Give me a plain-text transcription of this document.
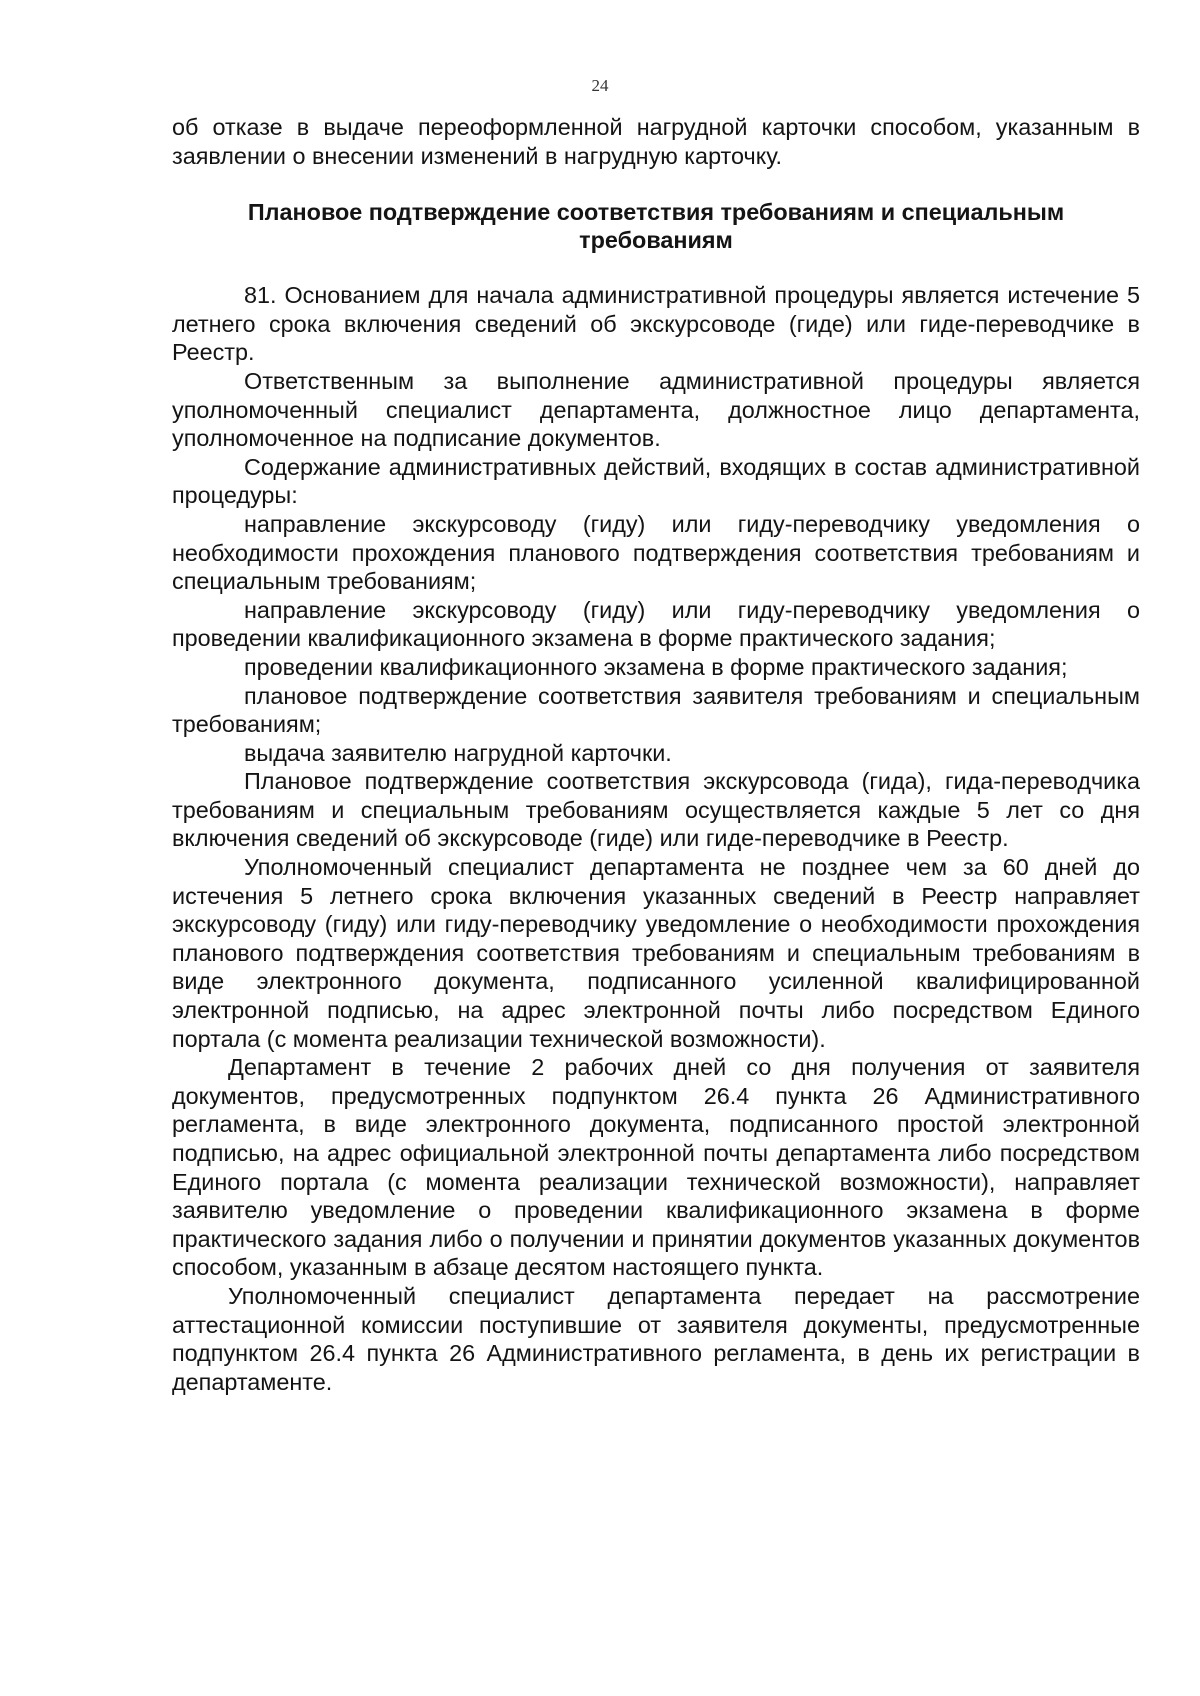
24

об отказе в выдаче переоформленной нагрудной карточки способом, указанным в заявлении о внесении изменений в нагрудную карточку.

Плановое подтверждение соответствия требованиям и специальным требованиям

81. Основанием для начала административной процедуры является истечение 5 летнего срока включения сведений об экскурсоводе (гиде) или гиде-переводчике в Реестр.

Ответственным за выполнение административной процедуры является уполномоченный специалист департамента, должностное лицо департамента, уполномоченное на подписание документов.

Содержание административных действий, входящих в состав административной процедуры:

направление экскурсоводу (гиду) или гиду-переводчику уведомления о необходимости прохождения планового подтверждения соответствия требованиям и специальным требованиям;

направление экскурсоводу (гиду) или гиду-переводчику уведомления о проведении квалификационного экзамена в форме практического задания;

проведении квалификационного экзамена в форме практического задания;

плановое подтверждение соответствия заявителя требованиям и специальным требованиям;

выдача заявителю нагрудной карточки.

Плановое подтверждение соответствия экскурсовода (гида), гида-переводчика требованиям и специальным требованиям осуществляется каждые 5 лет со дня включения сведений об экскурсоводе (гиде) или гиде-переводчике в Реестр.

Уполномоченный специалист департамента не позднее чем за 60 дней до истечения 5 летнего срока включения указанных сведений в Реестр направляет экскурсоводу (гиду) или гиду-переводчику уведомление о необходимости прохождения планового подтверждения соответствия требованиям и специальным требованиям в виде электронного документа, подписанного усиленной квалифицированной электронной подписью, на адрес электронной почты либо посредством Единого портала (с момента реализации технической возможности).

Департамент в течение 2 рабочих дней со дня получения от заявителя документов, предусмотренных подпунктом 26.4 пункта 26 Административного регламента, в виде электронного документа, подписанного простой электронной подписью, на адрес официальной электронной почты департамента либо посредством Единого портала (с момента реализации технической возможности), направляет заявителю уведомление о проведении квалификационного экзамена в форме практического задания либо о получении и принятии документов указанных документов способом, указанным в абзаце десятом настоящего пункта.

Уполномоченный специалист департамента передает на рассмотрение аттестационной комиссии поступившие от заявителя документы, предусмотренные подпунктом 26.4 пункта 26 Административного регламента, в день их регистрации в департаменте.
